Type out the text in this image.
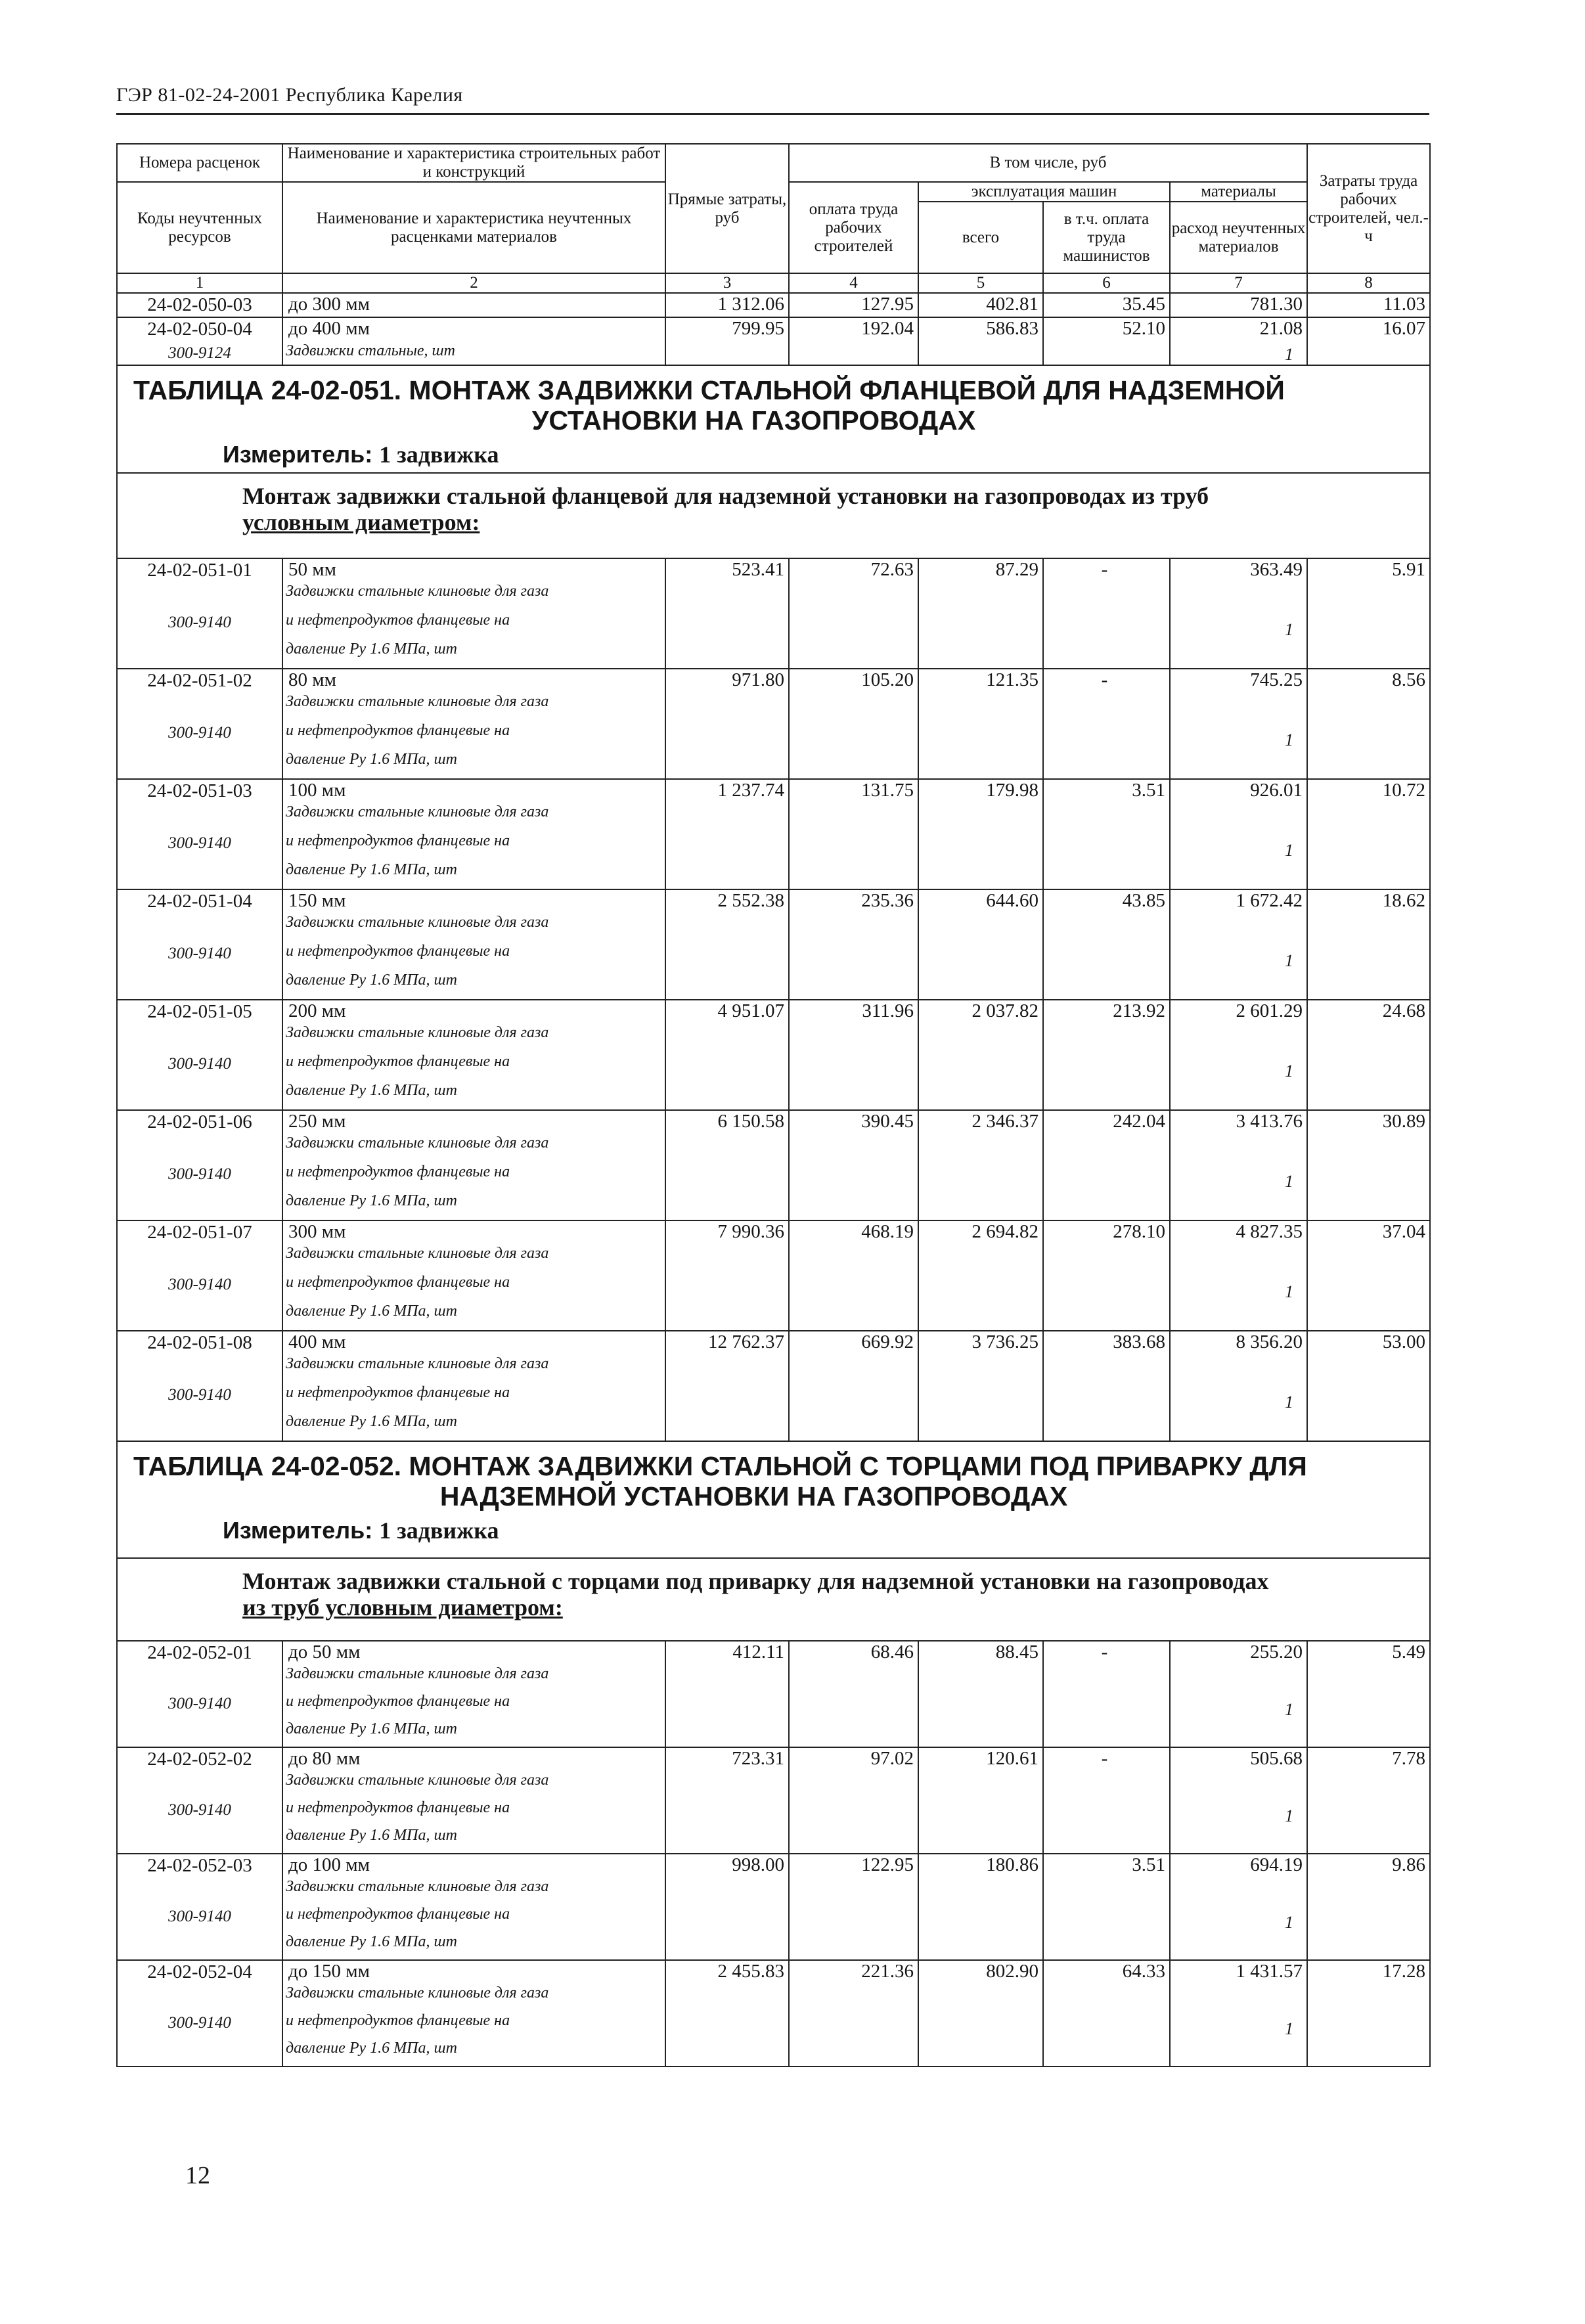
ГЭР 81-02-24-2001 Республика Карелия
Номера расценок	Наименование и характеристика строительных работ и конструкций	Прямые затраты, руб	В том числе, руб				Затраты труда рабочих строителей, чел.-ч
Коды неучтенных ресурсов	Наименование и характеристика неучтенных расценками материалов		оплата труда рабочих строителей	эксплуатация машин		материалы	
				всего	в т.ч. оплата труда машинистов	расход неучтенных материалов	
1	2	3	4	5	6	7	8
24-02-050-03	до 300 мм	1 312.06	127.95	402.81	35.45	781.30	11.03
24-02-050-04	до 400 мм	799.95	192.04	586.83	52.10	21.08	16.07
300-9124	Задвижки стальные, шт					1	

ТАБЛИЦА 24-02-051. МОНТАЖ ЗАДВИЖКИ СТАЛЬНОЙ ФЛАНЦЕВОЙ ДЛЯ НАДЗЕМНОЙ
УСТАНОВКИ НА ГАЗОПРОВОДАХ
Измеритель: 1 задвижка							

Монтаж задвижки стальной фланцевой для надземной установки на газопроводах из труб
условным диаметром:							

24-02-051-01	50 мм	523.41	72.63	87.29	-	363.49	5.91
	Задвижки стальные клиновые для газа						
300-9140	и нефтепродуктов фланцевые на					1	
	давление Ру 1.6 МПа, шт						
24-02-051-02	80 мм	971.80	105.20	121.35	-	745.25	8.56
	Задвижки стальные клиновые для газа						
300-9140	и нефтепродуктов фланцевые на					1	
	давление Ру 1.6 МПа, шт						
24-02-051-03	100 мм	1 237.74	131.75	179.98	3.51	926.01	10.72
	Задвижки стальные клиновые для газа						
300-9140	и нефтепродуктов фланцевые на					1	
	давление Ру 1.6 МПа, шт						
24-02-051-04	150 мм	2 552.38	235.36	644.60	43.85	1 672.42	18.62
	Задвижки стальные клиновые для газа						
300-9140	и нефтепродуктов фланцевые на					1	
	давление Ру 1.6 МПа, шт						
24-02-051-05	200 мм	4 951.07	311.96	2 037.82	213.92	2 601.29	24.68
	Задвижки стальные клиновые для газа						
300-9140	и нефтепродуктов фланцевые на					1	
	давление Ру 1.6 МПа, шт						
24-02-051-06	250 мм	6 150.58	390.45	2 346.37	242.04	3 413.76	30.89
	Задвижки стальные клиновые для газа						
300-9140	и нефтепродуктов фланцевые на					1	
	давление Ру 1.6 МПа, шт						
24-02-051-07	300 мм	7 990.36	468.19	2 694.82	278.10	4 827.35	37.04
	Задвижки стальные клиновые для газа						
300-9140	и нефтепродуктов фланцевые на					1	
	давление Ру 1.6 МПа, шт						
24-02-051-08	400 мм	12 762.37	669.92	3 736.25	383.68	8 356.20	53.00
	Задвижки стальные клиновые для газа						
300-9140	и нефтепродуктов фланцевые на					1	
	давление Ру 1.6 МПа, шт						

ТАБЛИЦА 24-02-052. МОНТАЖ ЗАДВИЖКИ СТАЛЬНОЙ С ТОРЦАМИ ПОД ПРИВАРКУ ДЛЯ
НАДЗЕМНОЙ УСТАНОВКИ НА ГАЗОПРОВОДАХ
Измеритель: 1 задвижка							

Монтаж задвижки стальной с торцами под приварку для надземной установки на газопроводах
из труб условным диаметром:							

24-02-052-01	до 50 мм	412.11	68.46	88.45	-	255.20	5.49
	Задвижки стальные клиновые для газа						
300-9140	и нефтепродуктов фланцевые на					1	
	давление Ру 1.6 МПа, шт						
24-02-052-02	до 80 мм	723.31	97.02	120.61	-	505.68	7.78
	Задвижки стальные клиновые для газа						
300-9140	и нефтепродуктов фланцевые на					1	
	давление Ру 1.6 МПа, шт						
24-02-052-03	до 100 мм	998.00	122.95	180.86	3.51	694.19	9.86
	Задвижки стальные клиновые для газа						
300-9140	и нефтепродуктов фланцевые на					1	
	давление Ру 1.6 МПа, шт						
24-02-052-04	до 150 мм	2 455.83	221.36	802.90	64.33	1 431.57	17.28
	Задвижки стальные клиновые для газа						
300-9140	и нефтепродуктов фланцевые на					1	
	давление Ру 1.6 МПа, шт						
12
